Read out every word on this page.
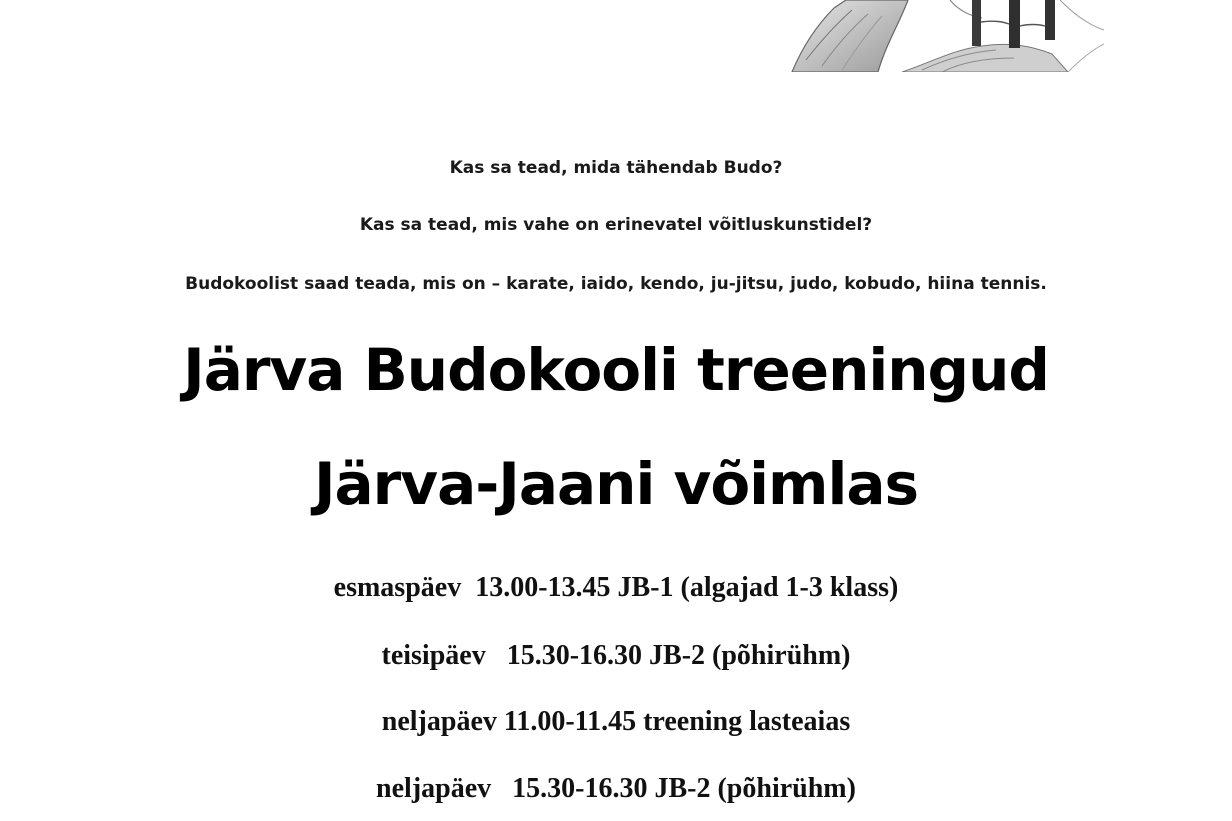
Kas sa tead, mida tähendab Budo?
Kas sa tead, mis vahe on erinevatel võitluskunstidel?
Budokoolist saad teada, mis on – karate, iaido, kendo, ju-jitsu, judo, kobudo, hiina tennis.
Järva Budokooli treeningud
Järva-Jaani võimlas
esmaspäev  13.00-13.45 JB-1 (algajad 1-3 klass)
teisipäev   15.30-16.30 JB-2 (põhirühm)
neljapäev 11.00-11.45 treening lasteaias
neljapäev   15.30-16.30 JB-2 (põhirühm)
